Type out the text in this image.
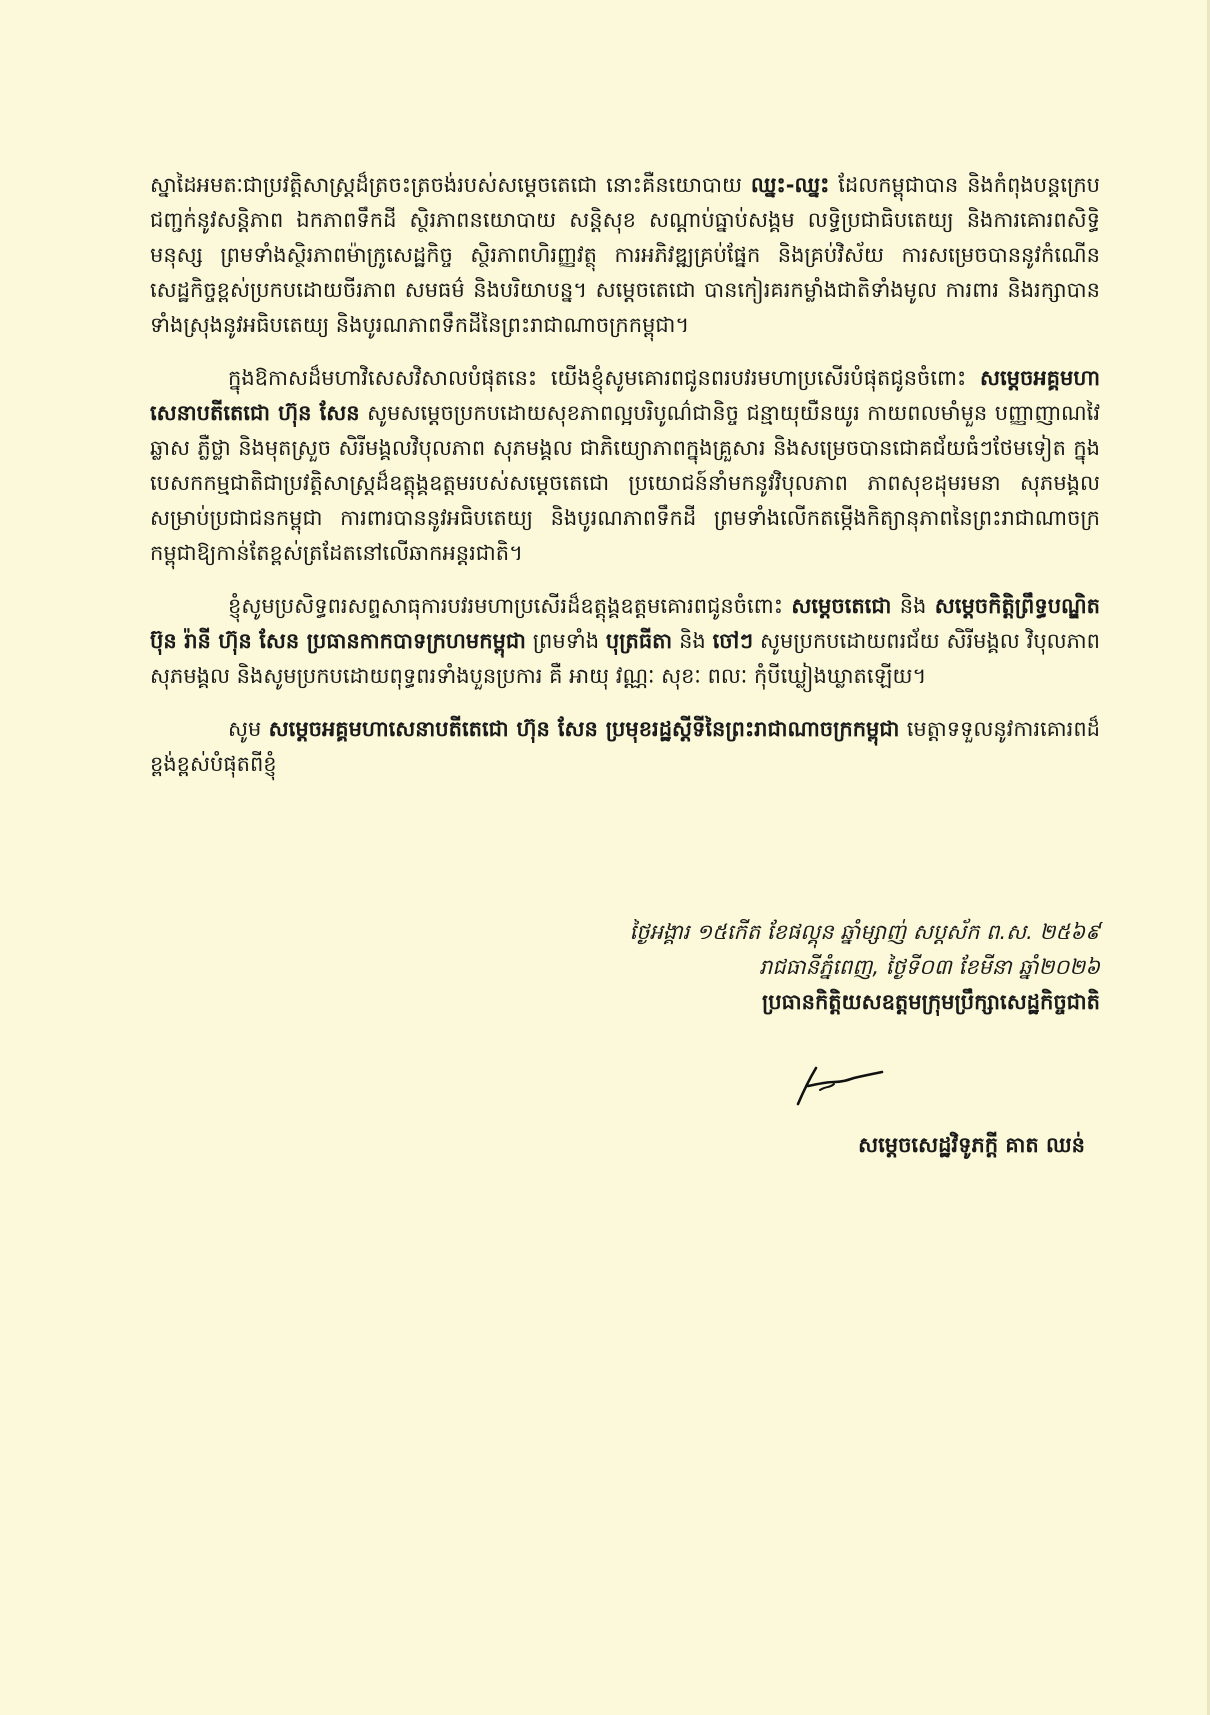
ស្នាដៃអមតៈជាប្រវត្តិសាស្ត្រដ៏ត្រចះត្រចង់របស់សម្តេចតេជោ នោះគឺនយោបាយ ឈ្នះ-ឈ្នះ ដែលកម្ពុជាបាន និងកំពុងបន្តក្រេបជញ្ជក់នូវសន្តិភាព ឯកភាពទឹកដី ស្ថិរភាពនយោបាយ សន្តិសុខ សណ្តាប់ធ្នាប់សង្គម លទ្ធិប្រជាធិបតេយ្យ និងការគោរពសិទ្ធិមនុស្ស ព្រមទាំងស្ថិរភាពម៉ាក្រូសេដ្ឋកិច្ច ស្ថិរភាពហិរញ្ញវត្ថុ ការអភិវឌ្ឍគ្រប់ផ្នែក និងគ្រប់វិស័យ ការសម្រេចបាននូវកំណើនសេដ្ឋកិច្ចខ្ពស់ប្រកបដោយចីរភាព សមធម៌ និងបរិយាបន្ន។ សម្តេចតេជោ បានកៀរគរកម្លាំងជាតិទាំងមូល ការពារ និងរក្សាបានទាំងស្រុងនូវអធិបតេយ្យ និងបូរណភាពទឹកដីនៃព្រះរាជាណាចក្រកម្ពុជា។

ក្នុងឱកាសដ៏មហាវិសេសវិសាលបំផុតនេះ យើងខ្ញុំសូមគោរពជូនពរបវរមហាប្រសើរបំផុតជូនចំពោះ សម្តេចអគ្គមហាសេនាបតីតេជោ ហ៊ុន សែន សូមសម្តេចប្រកបដោយសុខភាពល្អបរិបូណ៌ជានិច្ច ជន្មាយុយឺនយូរ កាយពលមាំមួន បញ្ញាញាណវៃឆ្លាស ភ្លឺថ្លា និងមុតស្រួច សិរីមង្គលវិបុលភាព សុភមង្គល ជាភិយ្យោភាពក្នុងគ្រួសារ និងសម្រេចបានជោគជ័យធំៗថែមទៀត ក្នុងបេសកកម្មជាតិជាប្រវត្តិសាស្ត្រដ៏ឧត្តុង្គឧត្តមរបស់សម្តេចតេជោ ប្រយោជន៍នាំមកនូវវិបុលភាព ភាពសុខដុមរមនា សុភមង្គលសម្រាប់ប្រជាជនកម្ពុជា ការពារបាននូវអធិបតេយ្យ និងបូរណភាពទឹកដី ព្រមទាំងលើកតម្កើងកិត្យានុភាពនៃព្រះរាជាណាចក្រកម្ពុជាឱ្យកាន់តែខ្ពស់ត្រដែតនៅលើឆាកអន្តរជាតិ។

ខ្ញុំសូមប្រសិទ្ធពរសព្ទសាធុការបវរមហាប្រសើរដ៏ឧត្តុង្គឧត្តមគោរពជូនចំពោះ សម្តេចតេជោ និង សម្តេចកិត្តិព្រឹទ្ធបណ្ឌិត ប៊ុន រ៉ានី ហ៊ុន សែន ប្រធានកាកបាទក្រហមកម្ពុជា ព្រមទាំង បុត្រធីតា និង ចៅៗ សូមប្រកបដោយពរជ័យ សិរីមង្គល វិបុលភាព សុភមង្គល និងសូមប្រកបដោយពុទ្ធពរទាំងបួនប្រការ គឺ អាយុ វណ្ណៈ សុខៈ ពលៈ កុំបីឃ្លៀងឃ្លាតឡើយ។

សូម សម្តេចអគ្គមហាសេនាបតីតេជោ ហ៊ុន សែន ប្រមុខរដ្ឋស្តីទីនៃព្រះរាជាណាចក្រកម្ពុជា មេត្តាទទួលនូវការគោរពដ៏ខ្ពង់ខ្ពស់បំផុតពីខ្ញុំ

ថ្ងៃអង្គារ ១៥កើត ខែផល្គុន ឆ្នាំម្សាញ់ សប្តស័ក ព.ស. ២៥៦៩
រាជធានីភ្នំពេញ, ថ្ងៃទី០៣ ខែមីនា ឆ្នាំ២០២៦
ប្រធានកិត្តិយសឧត្តមក្រុមប្រឹក្សាសេដ្ឋកិច្ចជាតិ
សម្តេចសេដ្ឋវិទូភក្តី គាត ឈន់
